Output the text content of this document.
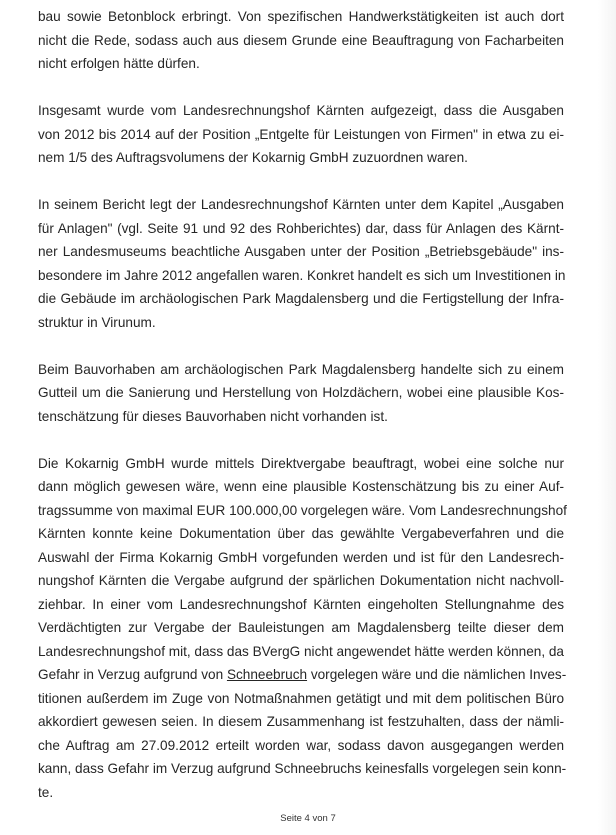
bau sowie Betonblock erbringt. Von spezifischen Handwerkstätigkeiten ist auch dort
nicht die Rede, sodass auch aus diesem Grunde eine Beauftragung von Facharbeiten
nicht erfolgen hätte dürfen.
Insgesamt wurde vom Landesrechnungshof Kärnten aufgezeigt, dass die Ausgaben
von 2012 bis 2014 auf der Position „Entgelte für Leistungen von Firmen" in etwa zu ei-
nem 1/5 des Auftragsvolumens der Kokarnig GmbH zuzuordnen waren.
In seinem Bericht legt der Landesrechnungshof Kärnten unter dem Kapitel „Ausgaben
für Anlagen" (vgl. Seite 91 und 92 des Rohberichtes) dar, dass für Anlagen des Kärnt-
ner Landesmuseums beachtliche Ausgaben unter der Position „Betriebsgebäude" ins-
besondere im Jahre 2012 angefallen waren. Konkret handelt es sich um Investitionen in
die Gebäude im archäologischen Park Magdalensberg und die Fertigstellung der Infra-
struktur in Virunum.
Beim Bauvorhaben am archäologischen Park Magdalensberg handelte sich zu einem
Gutteil um die Sanierung und Herstellung von Holzdächern, wobei eine plausible Kos-
tenschätzung für dieses Bauvorhaben nicht vorhanden ist.
Die Kokarnig GmbH wurde mittels Direktvergabe beauftragt, wobei eine solche nur
dann möglich gewesen wäre, wenn eine plausible Kostenschätzung bis zu einer Auf-
tragssumme von maximal EUR 100.000,00 vorgelegen wäre. Vom Landesrechnungshof
Kärnten konnte keine Dokumentation über das gewählte Vergabeverfahren und die
Auswahl der Firma Kokarnig GmbH vorgefunden werden und ist für den Landesrech-
nungshof Kärnten die Vergabe aufgrund der spärlichen Dokumentation nicht nachvoll-
ziehbar. In einer vom Landesrechnungshof Kärnten eingeholten Stellungnahme des
Verdächtigten zur Vergabe der Bauleistungen am Magdalensberg teilte dieser dem
Landesrechnungshof mit, dass das BVergG nicht angewendet hätte werden können, da
Gefahr in Verzug aufgrund von Schneebruch vorgelegen wäre und die nämlichen Inves-
titionen außerdem im Zuge von Notmaßnahmen getätigt und mit dem politischen Büro
akkordiert gewesen seien. In diesem Zusammenhang ist festzuhalten, dass der nämli-
che Auftrag am 27.09.2012 erteilt worden war, sodass davon ausgegangen werden
kann, dass Gefahr im Verzug aufgrund Schneebruchs keinesfalls vorgelegen sein konn-
te.
Seite 4 von 7
